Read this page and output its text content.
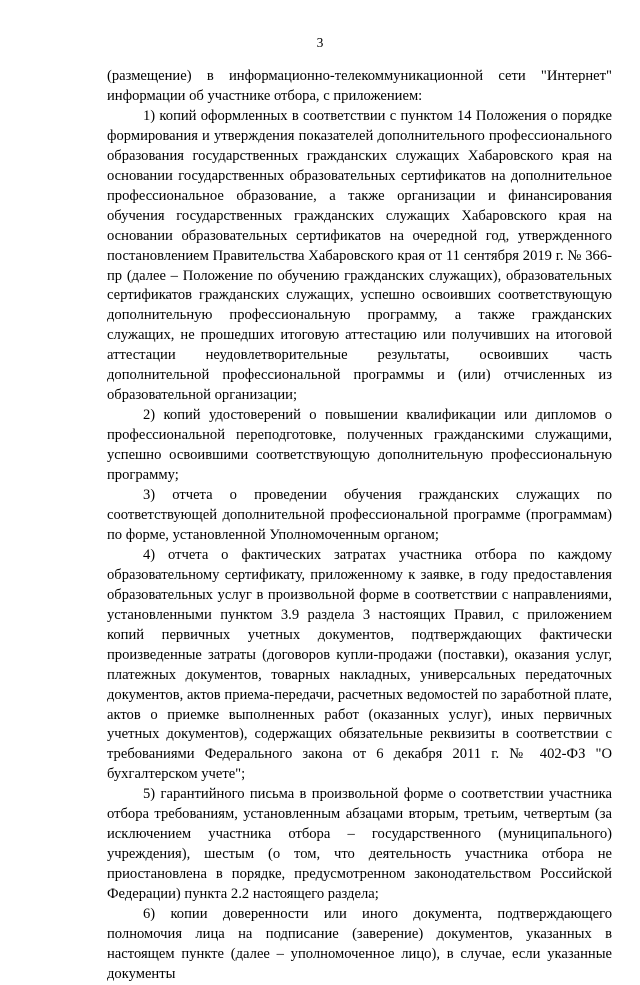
3

(размещение) в информационно-телекоммуникационной сети "Интернет" информации об участнике отбора, с приложением:

1) копий оформленных в соответствии с пунктом 14 Положения о порядке формирования и утверждения показателей дополнительного профессионального образования государственных гражданских служащих Хабаровского края на основании государственных образовательных сертификатов на дополнительное профессиональное образование, а также организации и финансирования обучения государственных гражданских служащих Хабаровского края на основании образовательных сертификатов на очередной год, утвержденного постановлением Правительства Хабаровского края от 11 сентября 2019 г. № 366-пр (далее – Положение по обучению гражданских служащих), образовательных сертификатов гражданских служащих, успешно освоивших соответствующую дополнительную профессиональную программу, а также гражданских служащих, не прошедших итоговую аттестацию или получивших на итоговой аттестации неудовлетворительные результаты, освоивших часть дополнительной профессиональной программы и (или) отчисленных из образовательной организации;

2) копий удостоверений о повышении квалификации или дипломов о профессиональной переподготовке, полученных гражданскими служащими, успешно освоившими соответствующую дополнительную профессиональную программу;

3) отчета о проведении обучения гражданских служащих по соответствующей дополнительной профессиональной программе (программам) по форме, установленной Уполномоченным органом;

4) отчета о фактических затратах участника отбора по каждому образовательному сертификату, приложенному к заявке, в году предоставления образовательных услуг в произвольной форме в соответствии с направлениями, установленными пунктом 3.9 раздела 3 настоящих Правил, с приложением копий первичных учетных документов, подтверждающих фактически произведенные затраты (договоров купли-продажи (поставки), оказания услуг, платежных документов, товарных накладных, универсальных передаточных документов, актов приема-передачи, расчетных ведомостей по заработной плате, актов о приемке выполненных работ (оказанных услуг), иных первичных учетных документов), содержащих обязательные реквизиты в соответствии с требованиями Федерального закона от 6 декабря 2011 г. № 402-ФЗ "О бухгалтерском учете";

5) гарантийного письма в произвольной форме о соответствии участника отбора требованиям, установленным абзацами вторым, третьим, четвертым (за исключением участника отбора – государственного (муниципального) учреждения), шестым (о том, что деятельность участника отбора не приостановлена в порядке, предусмотренном законодательством Российской Федерации) пункта 2.2 настоящего раздела;

6) копии доверенности или иного документа, подтверждающего полномочия лица на подписание (заверение) документов, указанных в настоящем пункте (далее – уполномоченное лицо), в случае, если указанные документы
